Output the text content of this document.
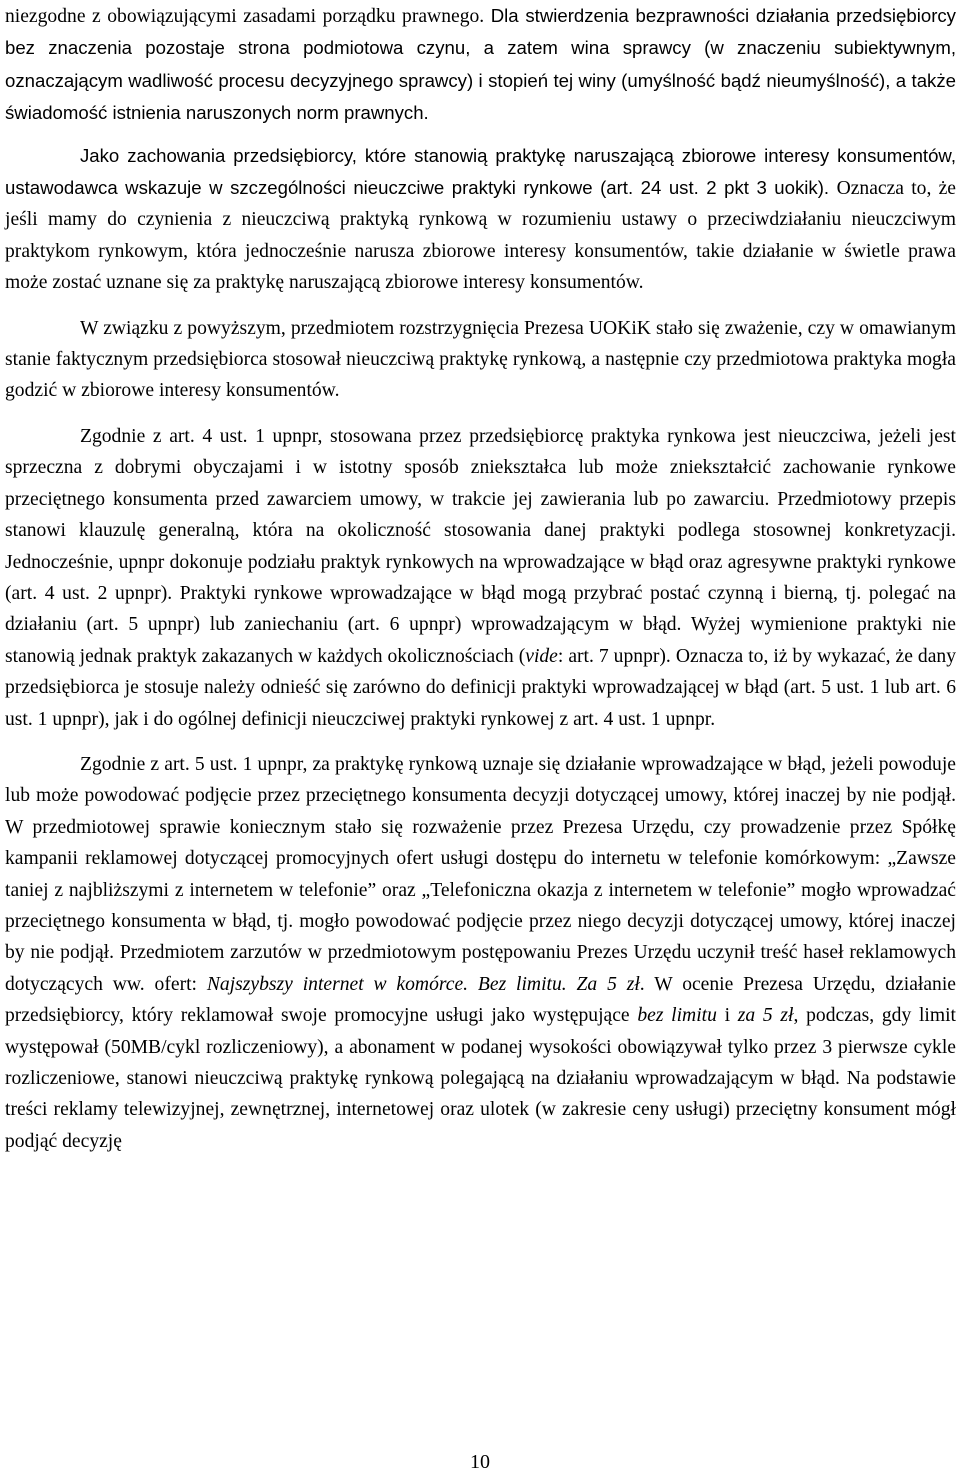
niezgodne z obowiązującymi zasadami porządku prawnego. Dla stwierdzenia bezprawności działania przedsiębiorcy bez znaczenia pozostaje strona podmiotowa czynu, a zatem wina sprawcy (w znaczeniu subiektywnym, oznaczającym wadliwość procesu decyzyjnego sprawcy) i stopień tej winy (umyślność bądź nieumyślność), a także świadomość istnienia naruszonych norm prawnych.

Jako zachowania przedsiębiorcy, które stanowią praktykę naruszającą zbiorowe interesy konsumentów, ustawodawca wskazuje w szczególności nieuczciwe praktyki rynkowe (art. 24 ust. 2 pkt 3 uokik). Oznacza to, że jeśli mamy do czynienia z nieuczciwą praktyką rynkową w rozumieniu ustawy o przeciwdziałaniu nieuczciwym praktykom rynkowym, która jednocześnie narusza zbiorowe interesy konsumentów, takie działanie w świetle prawa może zostać uznane się za praktykę naruszającą zbiorowe interesy konsumentów.

W związku z powyższym, przedmiotem rozstrzygnięcia Prezesa UOKiK stało się zważenie, czy w omawianym stanie faktycznym przedsiębiorca stosował nieuczciwą praktykę rynkową, a następnie czy przedmiotowa praktyka mogła godzić w zbiorowe interesy konsumentów.

Zgodnie z art. 4 ust. 1 upnpr, stosowana przez przedsiębiorcę praktyka rynkowa jest nieuczciwa, jeżeli jest sprzeczna z dobrymi obyczajami i w istotny sposób zniekształca lub może zniekształcić zachowanie rynkowe przeciętnego konsumenta przed zawarciem umowy, w trakcie jej zawierania lub po zawarciu. Przedmiotowy przepis stanowi klauzulę generalną, która na okoliczność stosowania danej praktyki podlega stosownej konkretyzacji. Jednocześnie, upnpr dokonuje podziału praktyk rynkowych na wprowadzające w błąd oraz agresywne praktyki rynkowe (art. 4 ust. 2 upnpr). Praktyki rynkowe wprowadzające w błąd mogą przybrać postać czynną i bierną, tj. polegać na działaniu (art. 5 upnpr) lub zaniechaniu (art. 6 upnpr) wprowadzającym w błąd. Wyżej wymienione praktyki nie stanowią jednak praktyk zakazanych w każdych okolicznościach (vide: art. 7 upnpr). Oznacza to, iż by wykazać, że dany przedsiębiorca je stosuje należy odnieść się zarówno do definicji praktyki wprowadzającej w błąd (art. 5 ust. 1 lub art. 6 ust. 1 upnpr), jak i do ogólnej definicji nieuczciwej praktyki rynkowej z art. 4 ust. 1 upnpr.

Zgodnie z art. 5 ust. 1 upnpr, za praktykę rynkową uznaje się działanie wprowadzające w błąd, jeżeli powoduje lub może powodować podjęcie przez przeciętnego konsumenta decyzji dotyczącej umowy, której inaczej by nie podjął. W przedmiotowej sprawie koniecznym stało się rozważenie przez Prezesa Urzędu, czy prowadzenie przez Spółkę kampanii reklamowej dotyczącej promocyjnych ofert usługi dostępu do internetu w telefonie komórkowym: „Zawsze taniej z najbliższymi z internetem w telefonie” oraz „Telefoniczna okazja z internetem w telefonie” mogło wprowadzać przeciętnego konsumenta w błąd, tj. mogło powodować podjęcie przez niego decyzji dotyczącej umowy, której inaczej by nie podjął. Przedmiotem zarzutów w przedmiotowym postępowaniu Prezes Urzędu uczynił treść haseł reklamowych dotyczących ww. ofert: Najszybszy internet w komórce. Bez limitu. Za 5 zł. W ocenie Prezesa Urzędu, działanie przedsiębiorcy, który reklamował swoje promocyjne usługi jako występujące bez limitu i za 5 zł, podczas, gdy limit występował (50MB/cykl rozliczeniowy), a abonament w podanej wysokości obowiązywał tylko przez 3 pierwsze cykle rozliczeniowe, stanowi nieuczciwą praktykę rynkową polegającą na działaniu wprowadzającym w błąd. Na podstawie treści reklamy telewizyjnej, zewnętrznej, internetowej oraz ulotek (w zakresie ceny usługi) przeciętny konsument mógł podjąć decyzję

10
